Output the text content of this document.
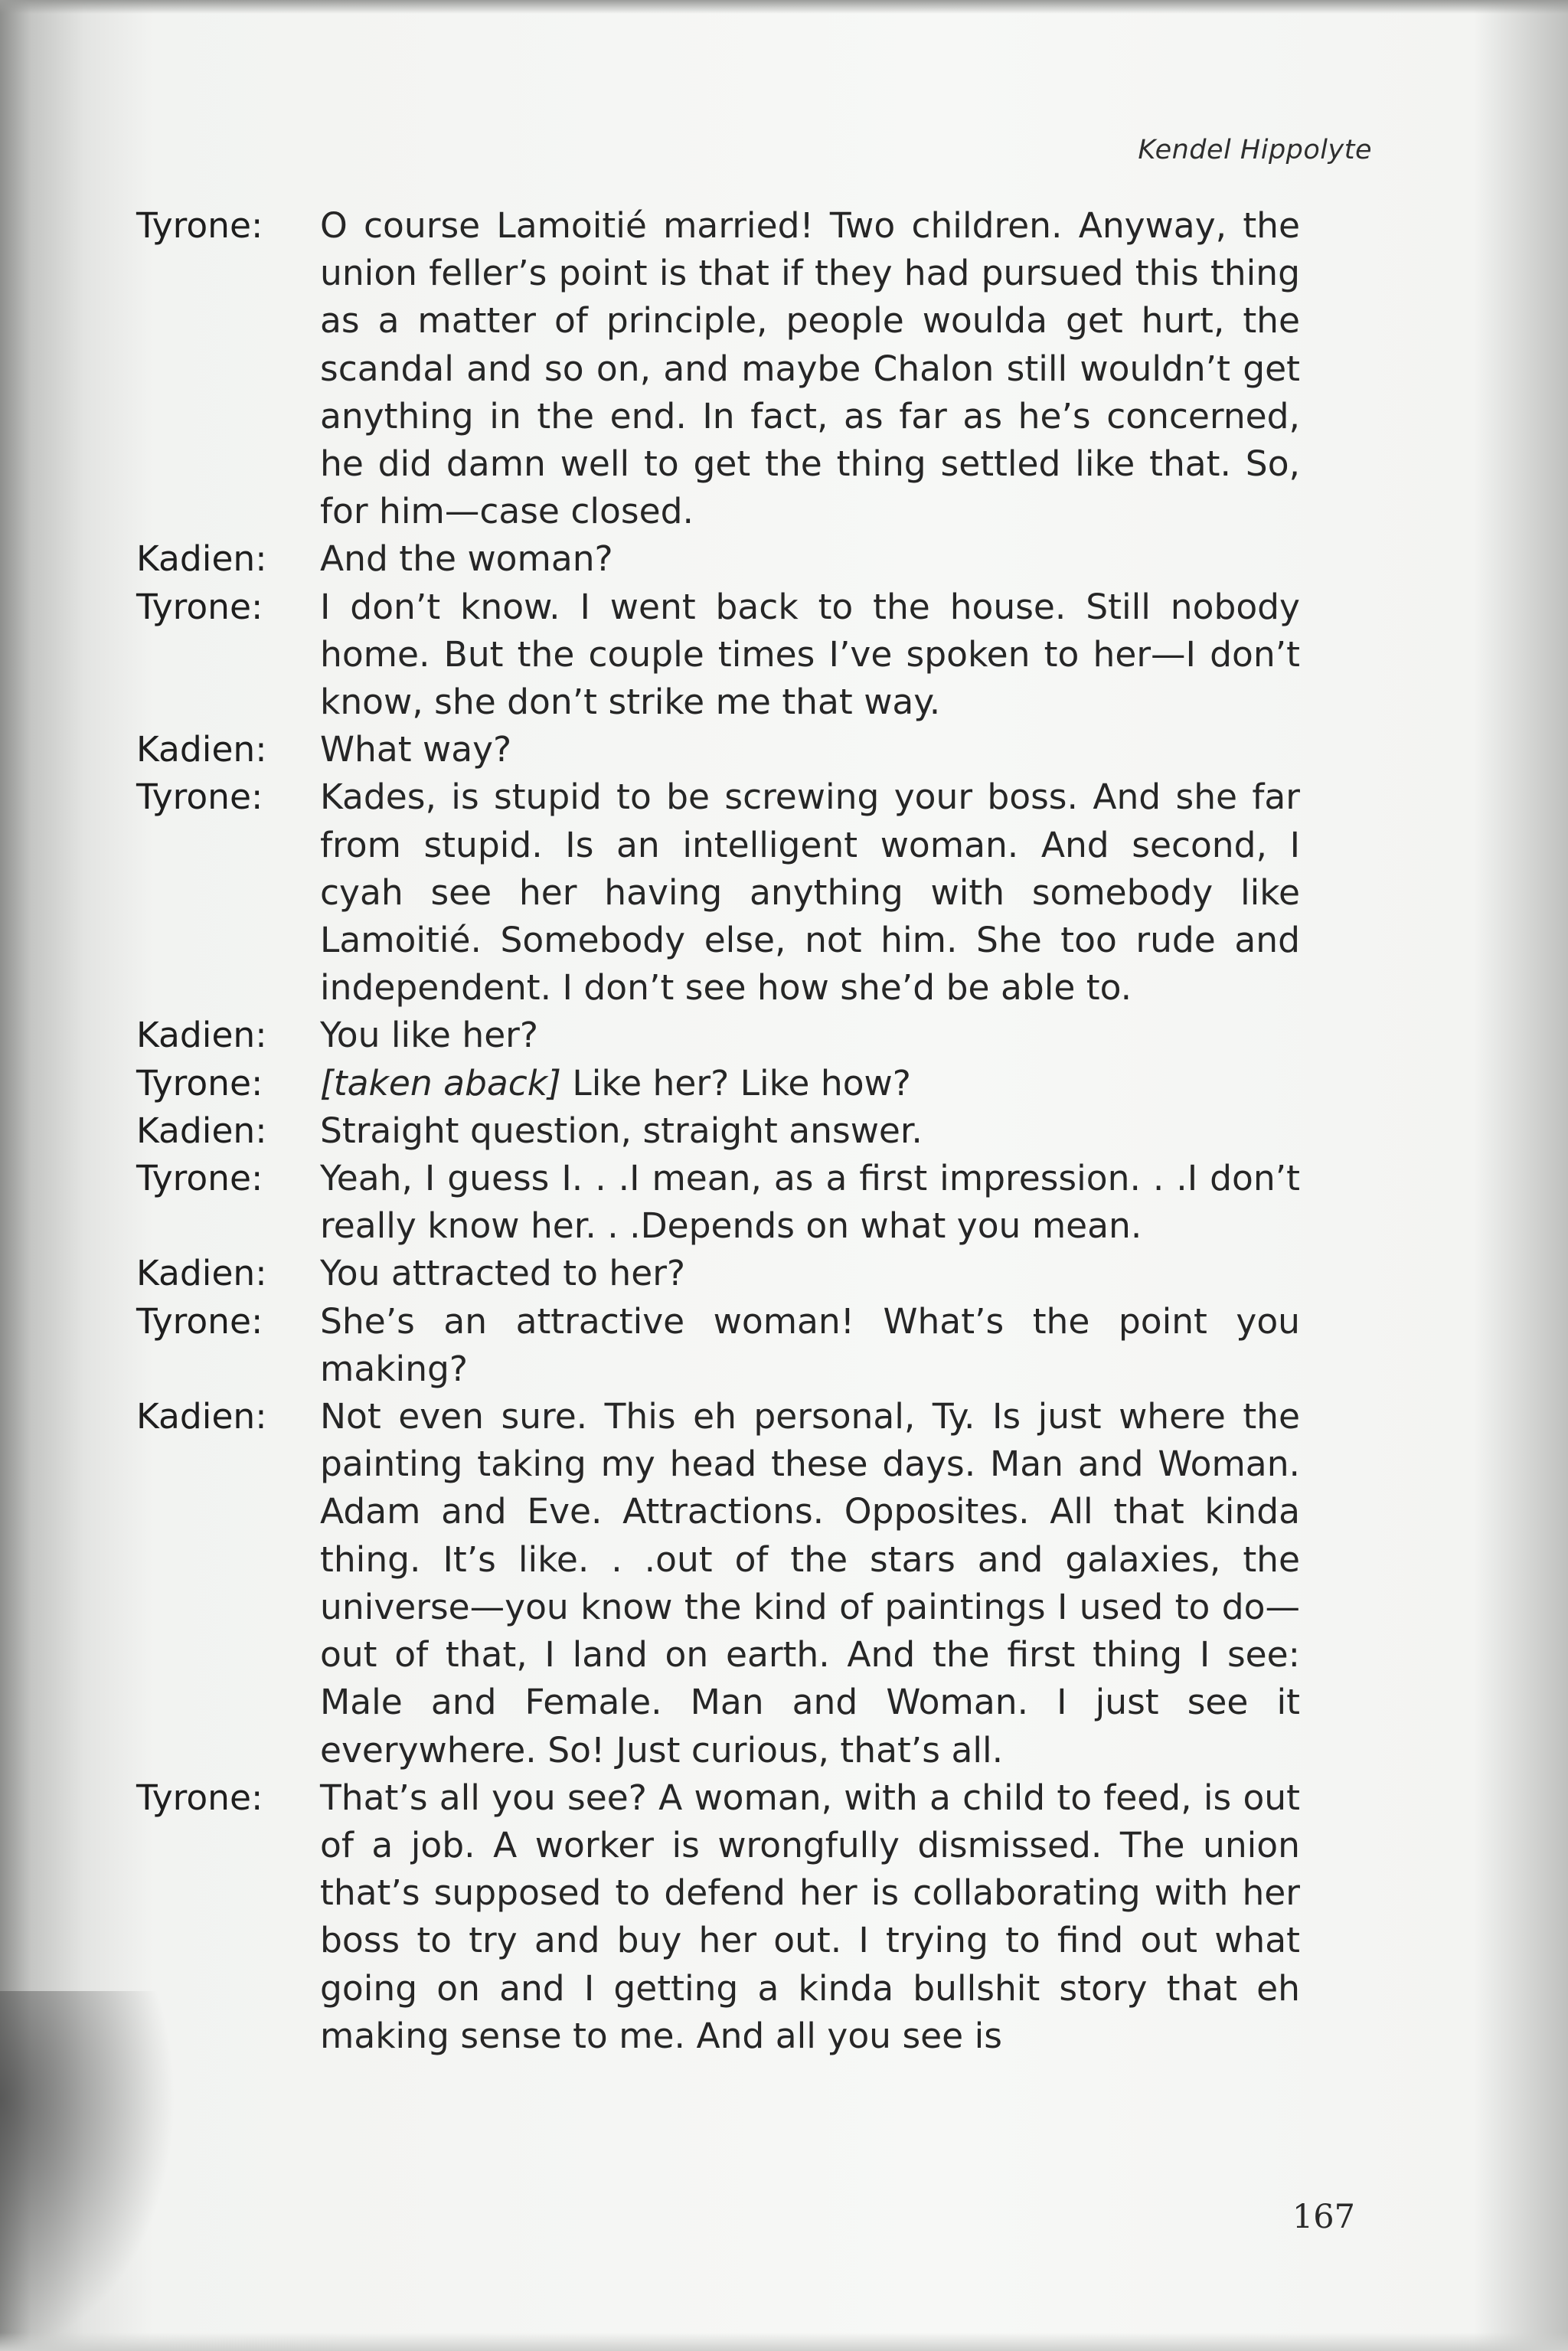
Kendel Hippolyte
Tyrone:	O course Lamoitié married! Two children. Anyway, the union feller’s point is that if they had pursued this thing as a matter of principle, people woulda get hurt, the scandal and so on, and maybe Chalon still wouldn’t get anything in the end. In fact, as far as he’s concerned, he did damn well to get the thing settled like that. So, for him—case closed.
Kadien:	And the woman?
Tyrone:	I don’t know. I went back to the house. Still nobody home. But the couple times I’ve spoken to her—I don’t know, she don’t strike me that way.
Kadien:	What way?
Tyrone:	Kades, is stupid to be screwing your boss. And she far from stupid. Is an intelligent woman. And second, I cyah see her having anything with somebody like Lamoitié. Somebody else, not him. She too rude and independent. I don’t see how she’d be able to.
Kadien:	You like her?
Tyrone:	[taken aback] Like her? Like how?
Kadien:	Straight question, straight answer.
Tyrone:	Yeah, I guess I. . .I mean, as a first impression. . .I don’t really know her. . .Depends on what you mean.
Kadien:	You attracted to her?
Tyrone:	She’s an attractive woman! What’s the point you making?
Kadien:	Not even sure. This eh personal, Ty. Is just where the painting taking my head these days. Man and Woman. Adam and Eve. Attractions. Opposites. All that kinda thing. It’s like. . .out of the stars and galaxies, the universe—you know the kind of paintings I used to do—out of that, I land on earth. And the first thing I see: Male and Female. Man and Woman. I just see it everywhere. So! Just curious, that’s all.
Tyrone:	That’s all you see? A woman, with a child to feed, is out of a job. A worker is wrongfully dismissed. The union that’s supposed to defend her is collaborating with her boss to try and buy her out. I trying to find out what going on and I getting a kinda bullshit story that eh making sense to me. And all you see is
167
